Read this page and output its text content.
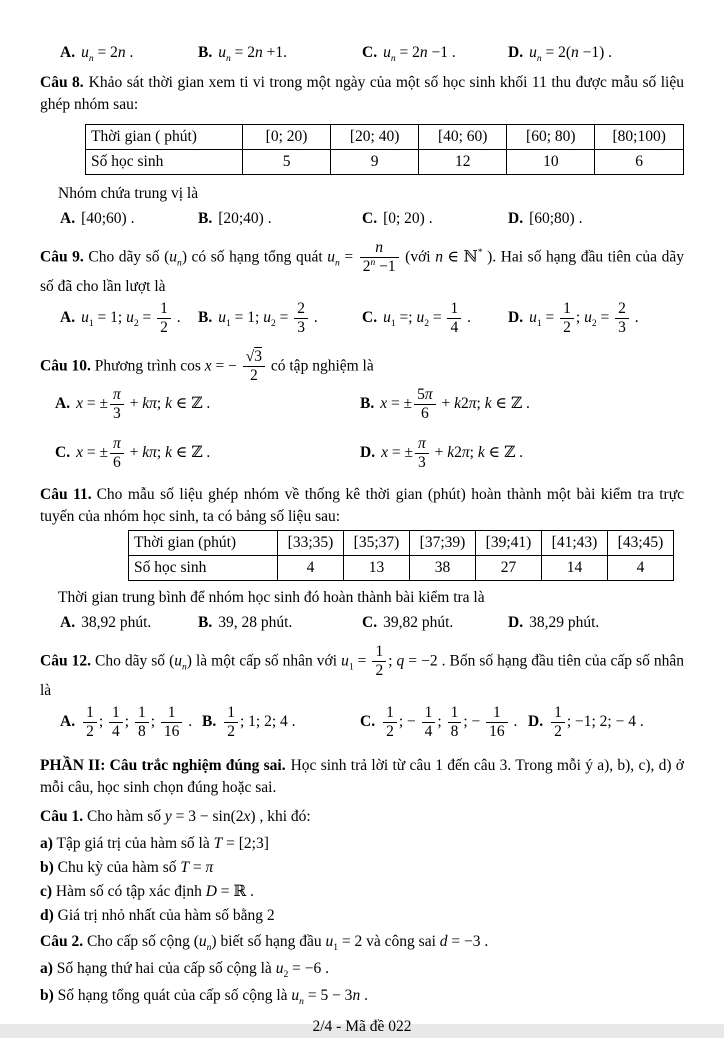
A. $u_n = 2n$ .	B. $u_n = 2n +1$.	C. $u_n = 2n -1$ .	D. $u_n = 2(n -1)$ .

Câu 8. Khảo sát thời gian xem ti vi trong một ngày của một số học sinh khối 11 thu được mẫu số liệu ghép nhóm sau:

Thời gian ( phút)	[0; 20)	[20; 40)	[40; 60)	[60; 80)	[80;100)
Số học sinh	5	9	12	10	6

Nhóm chứa trung vị là

A. [40;60) .	B. [20;40) .	C. [0; 20) .	D. [60;80) .

Câu 9. Cho dãy số $(u_n)$ có số hạng tổng quát $u_n = \frac{n}{2^n -1}$ (với n ∈ ℕ* ). Hai số hạng đầu tiên của dãy số đã cho lần lượt là

A. $u_1 = 1$; $u_2 = \frac{1}{2}$ . B. $u_1 = 1$; $u_2 = \frac{2}{3}$ .	C. $u_1$ =; $u_2 = \frac{1}{4}$ . D. $u_1 = \frac{1}{2}$ ; $u_2 = \frac{2}{3}$ .

Câu 10. Phương trình cos x = − $\frac{√3}{2}$ có tập nghiệm là

A. x = ± $\frac{\pi}{3} + k\pi$; k ∈ ℤ .	B. x = ± $\frac{5\pi}{6} + k2\pi$; k ∈ ℤ .
C. x = ± $\frac{\pi}{6} + k\pi$; k ∈ ℤ .	D. x = ± $\frac{\pi}{3} + k2\pi$; k ∈ ℤ .

Câu 11. Cho mẫu số liệu ghép nhóm về thống kê thời gian (phút) hoàn thành một bài kiểm tra trực tuyến của nhóm học sinh, ta có bảng số liệu sau:

Thời gian (phút)	[33;35)	[35;37)	[37;39)	[39;41)	[41;43)	[43;45)
Số học sinh	4	13	38	27	14	4

Thời gian trung bình để nhóm học sinh đó hoàn thành bài kiểm tra là

A. 38,92 phút.	B. 39, 28 phút.	C. 39,82 phút.	D. 38,29 phút.

Câu 12. Cho dãy số $(u_n)$ là một cấp số nhân với $u_1 = \frac{1}{2}$ ; q = −2 . Bốn số hạng đầu tiên của cấp số nhân là

A. $\frac{1}{2}$ ; $\frac{1}{4}$ ; $\frac{1}{8}$ ; $\frac{1}{16}$ . B. $\frac{1}{2}$ ; 1; 2; 4 .	C. $\frac{1}{2}$ ; − $\frac{1}{4}$ ; $\frac{1}{8}$ ; − $\frac{1}{16}$ . D. $\frac{1}{2}$ ; −1; 2; − 4 .

PHẦN II: Câu trắc nghiệm đúng sai. Học sinh trả lời từ câu 1 đến câu 3. Trong mỗi ý a), b), c), d) ở mỗi câu, học sinh chọn đúng hoặc sai.

Câu 1. Cho hàm số y = 3 − sin(2x) , khi đó:

a) Tập giá trị của hàm số là T = [2;3]

b) Chu kỳ của hàm số T = π

c) Hàm số có tập xác định D = ℝ .

d) Giá trị nhỏ nhất của hàm số bằng 2

Câu 2. Cho cấp số cộng $(u_n)$ biết số hạng đầu $u_1 = 2$ và công sai d = −3 .

a) Số hạng thứ hai của cấp số cộng là $u_2 = -6$ .

b) Số hạng tổng quát của cấp số cộng là $u_n = 5 - 3n$ .

2/4 - Mã đề 022
